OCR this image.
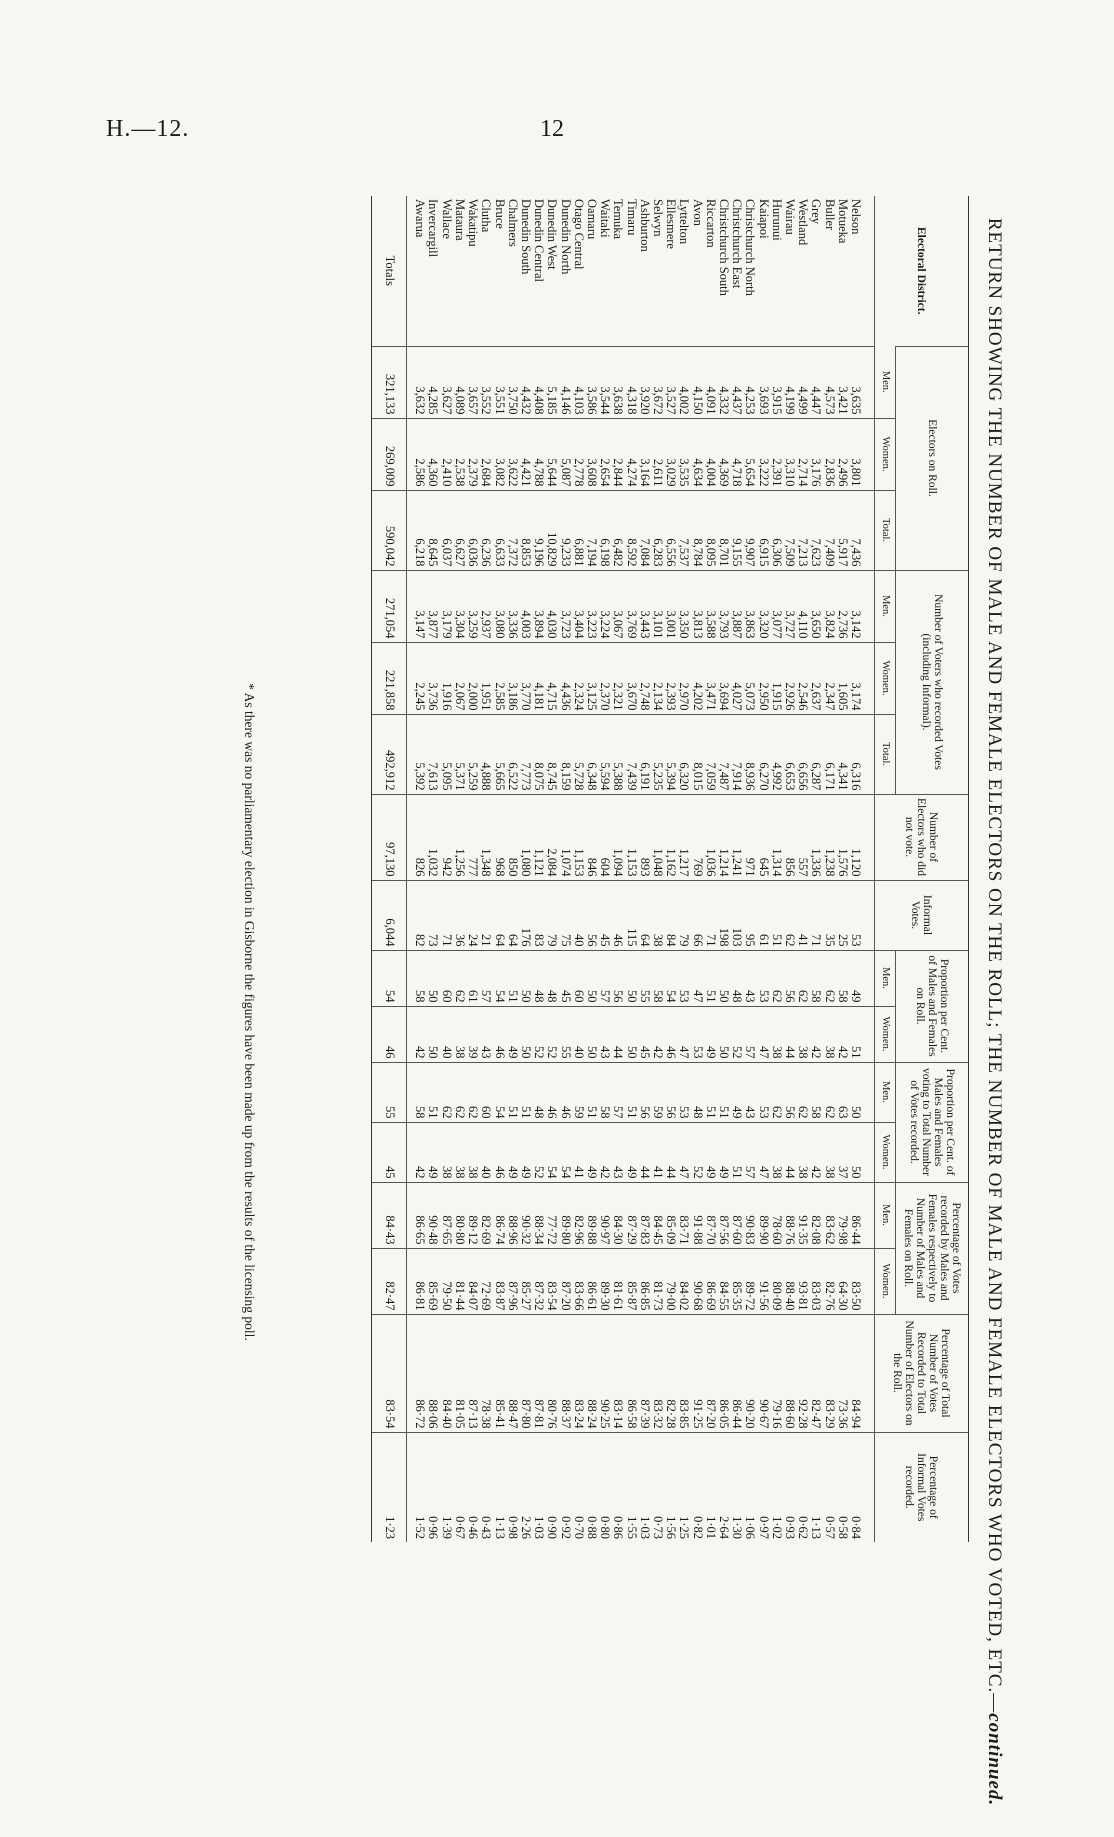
H.—12.	12
RETURN SHOWING THE NUMBER OF MALE AND FEMALE ELECTORS ON THE ROLL; THE NUMBER OF MALE AND FEMALE ELECTORS WHO VOTED, ETC.—continued.
Electoral District.	Electors on Roll.			Number of Voters who recorded Votes (including Informal).			Number of Electors who did not vote.	Informal Votes.	Proportion per Cent. of Males and Females on Roll.		Proportion per Cent. of Males and Females voting to Total Number of Votes recorded.		Percentage of Votes recorded by Males and Females respectively to Number of Males and Females on Roll.		Percentage of Total Number of Votes Recorded to Total Number of Electors on the Roll.	Percentage of Informal Votes recorded.
	Men.	Women.	Total.	Men.	Women.	Total.			Men.	Women.	Men.	Women.	Men.	Women.		
Nelson	3,635	3,801	7,436	3,142	3,174	6,316	1,120	53	49	51	50	50	86·44	83·50	84·94	0·84
Motueka	3,421	2,496	5,917	2,736	1,605	4,341	1,576	25	58	42	63	37	79·98	64·30	73·36	0·58
Buller	4,573	2,836	7,409	3,824	2,347	6,171	1,238	35	62	38	62	38	83·62	82·76	83·29	0·57
Grey	4,447	3,176	7,623	3,650	2,637	6,287	1,336	71	58	42	58	42	82·08	83·03	82·47	1·13
Westland	4,499	2,714	7,213	4,110	2,546	6,656	557	41	62	38	62	38	91·35	93·81	92·28	0·62
Wairau	4,199	3,310	7,509	3,727	2,926	6,653	856	62	56	44	56	44	88·76	88·40	88·60	0·93
Hurunui	3,915	2,391	6,306	3,077	1,915	4,992	1,314	51	62	38	62	38	78·60	80·09	79·16	1·02
Kaiapoi	3,693	3,222	6,915	3,320	2,950	6,270	645	61	53	47	53	47	89·90	91·56	90·67	0·97
Christchurch North	4,253	5,654	9,907	3,863	5,073	8,936	971	95	43	57	43	57	90·83	89·72	90·20	1·06
Christchurch East	4,437	4,718	9,155	3,887	4,027	7,914	1,241	103	48	52	49	51	87·60	85·35	86·44	1·30
Christchurch South	4,332	4,369	8,701	3,793	3,694	7,487	1,214	198	50	50	51	49	87·56	84·55	86·05	2·64
Riccarton	4,091	4,004	8,095	3,588	3,471	7,059	1,036	71	51	49	51	49	87·70	86·69	87·20	1·01
Avon	4,150	4,634	8,784	3,813	4,202	8,015	769	66	47	53	48	52	91·88	90·68	91·25	0·82
Lyttelton	4,002	3,535	7,537	3,350	2,970	6,320	1,217	79	53	47	53	47	83·71	84·02	83·85	1·25
Ellesmere	3,527	3,029	6,556	3,001	2,393	5,394	1,162	84	54	46	56	44	85·09	79·00	82·28	1·56
Selwyn	3,672	2,611	6,283	3,101	2,134	5,235	1,048	38	58	42	59	41	84·45	81·73	83·32	0·73
Ashburton	3,920	3,164	7,084	3,443	2,748	6,191	893	64	55	45	56	44	87·83	86·85	87·39	1·03
Timaru	4,318	4,274	8,592	3,769	3,670	7,439	1,153	115	50	50	51	49	87·29	85·87	86·58	1·55
Temuka	3,638	2,844	6,482	3,067	2,321	5,388	1,094	46	56	44	57	43	84·30	81·61	83·14	0·86
Waitaki	3,544	2,654	6,198	3,224	2,370	5,594	604	45	57	43	58	42	90·97	89·30	90·25	0·80
Oamaru	3,586	3,608	7,194	3,223	3,125	6,348	846	56	50	50	51	49	89·88	86·61	88·24	0·88
Otago Central	4,103	2,778	6,881	3,404	2,324	5,728	1,153	40	60	40	59	41	82·96	83·66	83·24	0·70
Dunedin North	4,146	5,087	9,233	3,723	4,436	8,159	1,074	75	45	55	46	54	89·80	87·20	88·37	0·92
Dunedin West	5,185	5,644	10,829	4,030	4,715	8,745	2,084	79	48	52	46	54	77·72	83·54	80·76	0·90
Dunedin Central	4,408	4,788	9,196	3,894	4,181	8,075	1,121	83	48	52	48	52	88·34	87·32	87·81	1·03
Dunedin South	4,432	4,421	8,853	4,003	3,770	7,773	1,080	176	50	50	51	49	90·32	85·27	87·80	2·26
Chalmers	3,750	3,622	7,372	3,336	3,186	6,522	850	64	51	49	51	49	88·96	87·96	88·47	0·98
Bruce	3,551	3,082	6,633	3,080	2,585	5,665	968	64	54	46	54	46	86·74	83·87	85·41	1·13
Clutha	3,552	2,684	6,236	2,937	1,951	4,888	1,348	21	57	43	60	40	82·69	72·69	78·38	0·43
Wakatipu	3,657	2,379	6,036	3,259	2,000	5,259	777	24	61	39	62	38	89·12	84·07	87·13	0·46
Mataura	4,089	2,538	6,627	3,304	2,067	5,371	1,256	36	62	38	62	38	80·80	81·44	81·05	0·67
Wallace	3,627	2,410	6,037	3,179	1,916	5,095	942	71	60	40	62	38	87·65	79·50	84·40	1·39
Invercargill	4,285	4,360	8,645	3,877	3,736	7,613	1,032	73	50	50	51	49	90·48	85·69	88·06	0·96
Awarua	3,632	2,586	6,218	3,147	2,245	5,392	826	82	58	42	58	42	86·65	86·81	86·72	1·52
Totals	321,133	269,009	590,042	271,054	221,858	492,912	97,130	6,044	54	46	55	45	84·43	82·47	83·54	1·23
* As there was no parliamentary election in Gisborne the figures have been made up from the results of the licensing poll.
